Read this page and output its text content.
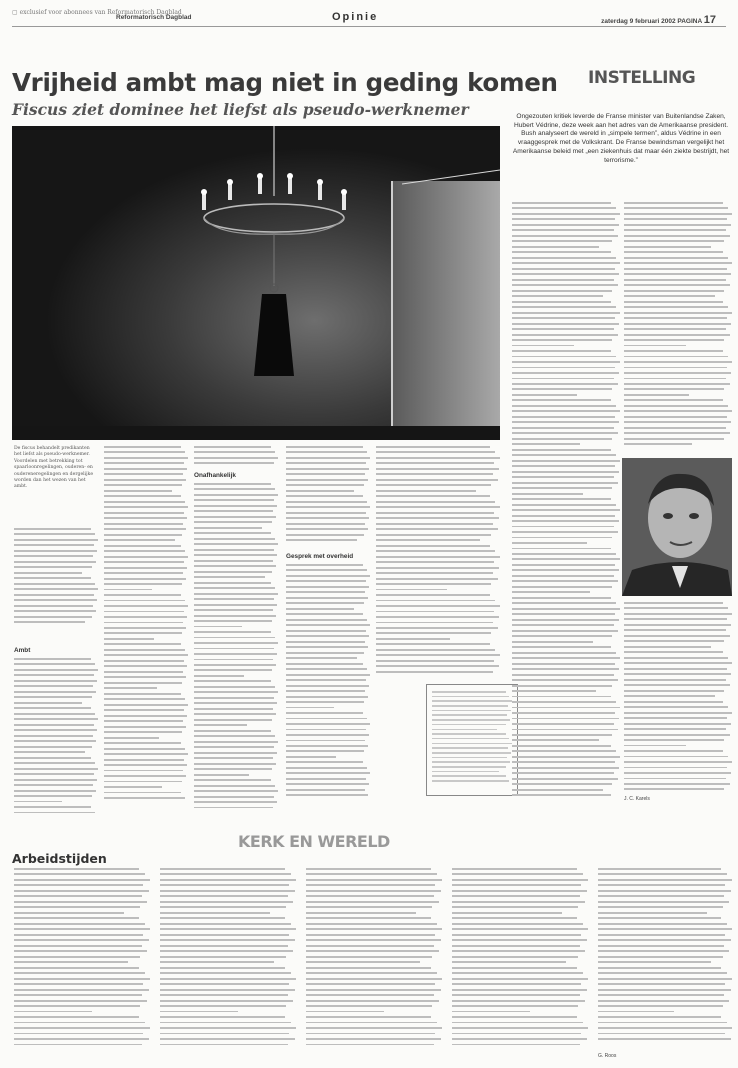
▢ exclusief voor abonnees van Reformatorisch Dagblad
Reformatorisch Dagblad	Opinie	zaterdag 9 februari 2002 PAGINA 17
Vrijheid ambt mag niet in geding komen
Fiscus ziet dominee het liefst als pseudo-werknemer
De fiscus behandelt predikanten het liefst als pseudo-werknemer. Voordelen met betrekking tot spaarloonregelingen, ouderen- en oudereneregelingen en dergelijke worden dan het wezen van het ambt.
Ambt
Onafhankelijk
Gesprek met overheid
INSTELLING
Ongezouten kritiek leverde de Franse minister van Buitenlandse Zaken, Hubert Védrine, deze week aan het adres van de Amerikaanse president. Bush analyseert de wereld in „simpele termen”, aldus Védrine in een vraaggesprek met de Volkskrant. De Franse bewindsman vergelijkt het Amerikaanse beleid met „een ziekenhuis dat maar één ziekte bestrijdt, het terrorisme.”
J. C. Karels
KERK EN WERELD
Arbeidstijden
G. Roos
